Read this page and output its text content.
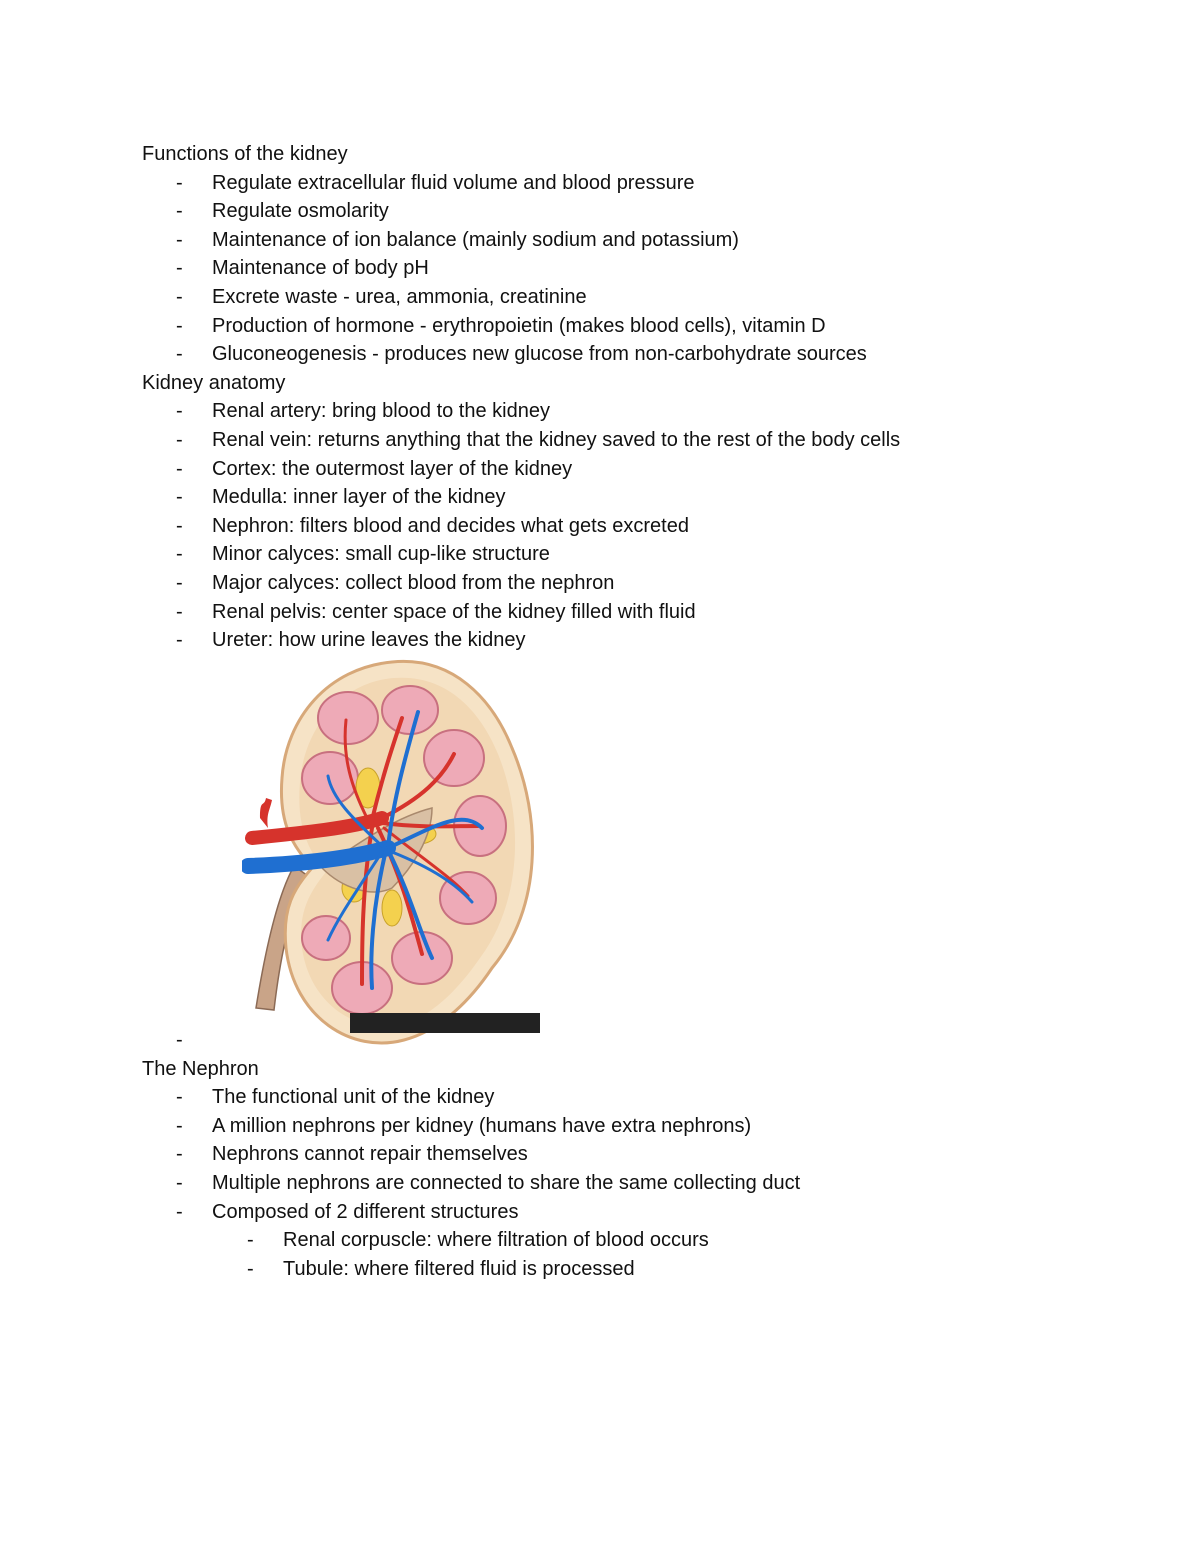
Functions of the kidney
- Regulate extracellular fluid volume and blood pressure
- Regulate osmolarity
- Maintenance of ion balance (mainly sodium and potassium)
- Maintenance of body pH
- Excrete waste - urea, ammonia, creatinine
- Production of hormone - erythropoietin (makes blood cells), vitamin D
- Gluconeogenesis - produces new glucose from non-carbohydrate sources
Kidney anatomy
- Renal artery: bring blood to the kidney
- Renal vein: returns anything that the kidney saved to the rest of the body cells
- Cortex: the outermost layer of the kidney
- Medulla: inner layer of the kidney
- Nephron: filters blood and decides what gets excreted
- Minor calyces: small cup-like structure
- Major calyces: collect blood from the nephron
- Renal pelvis: center space of the kidney filled with fluid
- Ureter: how urine leaves the kidney
-
The Nephron
- The functional unit of the kidney
- A million nephrons per kidney (humans have extra nephrons)
- Nephrons cannot repair themselves
- Multiple nephrons are connected to share the same collecting duct
- Composed of 2 different structures
- Renal corpuscle: where filtration of blood occurs
- Tubule: where filtered fluid is processed
